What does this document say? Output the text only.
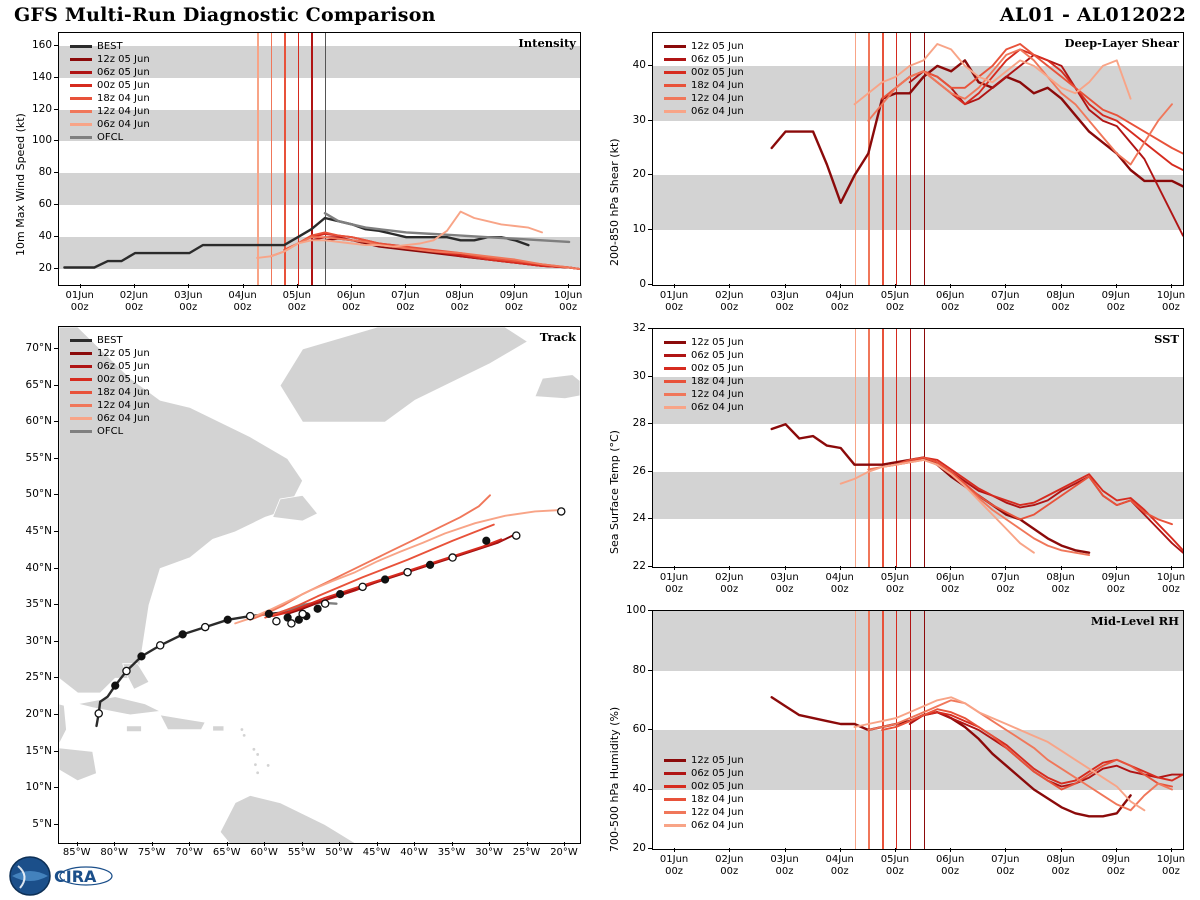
GFS Multi-Run Diagnostic Comparison	AL01 - AL012022
10m Max Wind Speed (kt)
Intensity
BEST
12z 05 Jun
06z 05 Jun
00z 05 Jun
18z 04 Jun
12z 04 Jun
06z 04 Jun
OFCL
20
40
60
80
100
120
140
160
01Jun
00z
02Jun
00z
03Jun
00z
04Jun
00z
05Jun
00z
06Jun
00z
07Jun
00z
08Jun
00z
09Jun
00z
10Jun
00z
Track
BEST
12z 05 Jun
06z 05 Jun
00z 05 Jun
18z 04 Jun
12z 04 Jun
06z 04 Jun
OFCL
5°N
10°N
15°N
20°N
25°N
30°N
35°N
40°N
45°N
50°N
55°N
60°N
65°N
70°N
85°W 80°W 75°W 70°W 65°W 60°W 55°W 50°W 45°W 40°W 35°W 30°W 25°W 20°W
200-850 hPa Shear (kt)
Deep-Layer Shear
12z 05 Jun
06z 05 Jun
00z 05 Jun
18z 04 Jun
12z 04 Jun
06z 04 Jun
0
10
20
30
40
01Jun
00z
02Jun
00z
03Jun
00z
04Jun
00z
05Jun
00z
06Jun
00z
07Jun
00z
08Jun
00z
09Jun
00z
10Jun
00z
Sea Surface Temp (°C)
SST
12z 05 Jun
06z 05 Jun
00z 05 Jun
18z 04 Jun
12z 04 Jun
06z 04 Jun
22
24
26
28
30
32
01Jun
00z
02Jun
00z
03Jun
00z
04Jun
00z
05Jun
00z
06Jun
00z
07Jun
00z
08Jun
00z
09Jun
00z
10Jun
00z
700-500 hPa Humidity (%)
Mid-Level RH
12z 05 Jun
06z 05 Jun
00z 05 Jun
18z 04 Jun
12z 04 Jun
06z 04 Jun
20
40
60
80
100
01Jun
00z
02Jun
00z
03Jun
00z
04Jun
00z
05Jun
00z
06Jun
00z
07Jun
00z
08Jun
00z
09Jun
00z
10Jun
00z
CIRA
